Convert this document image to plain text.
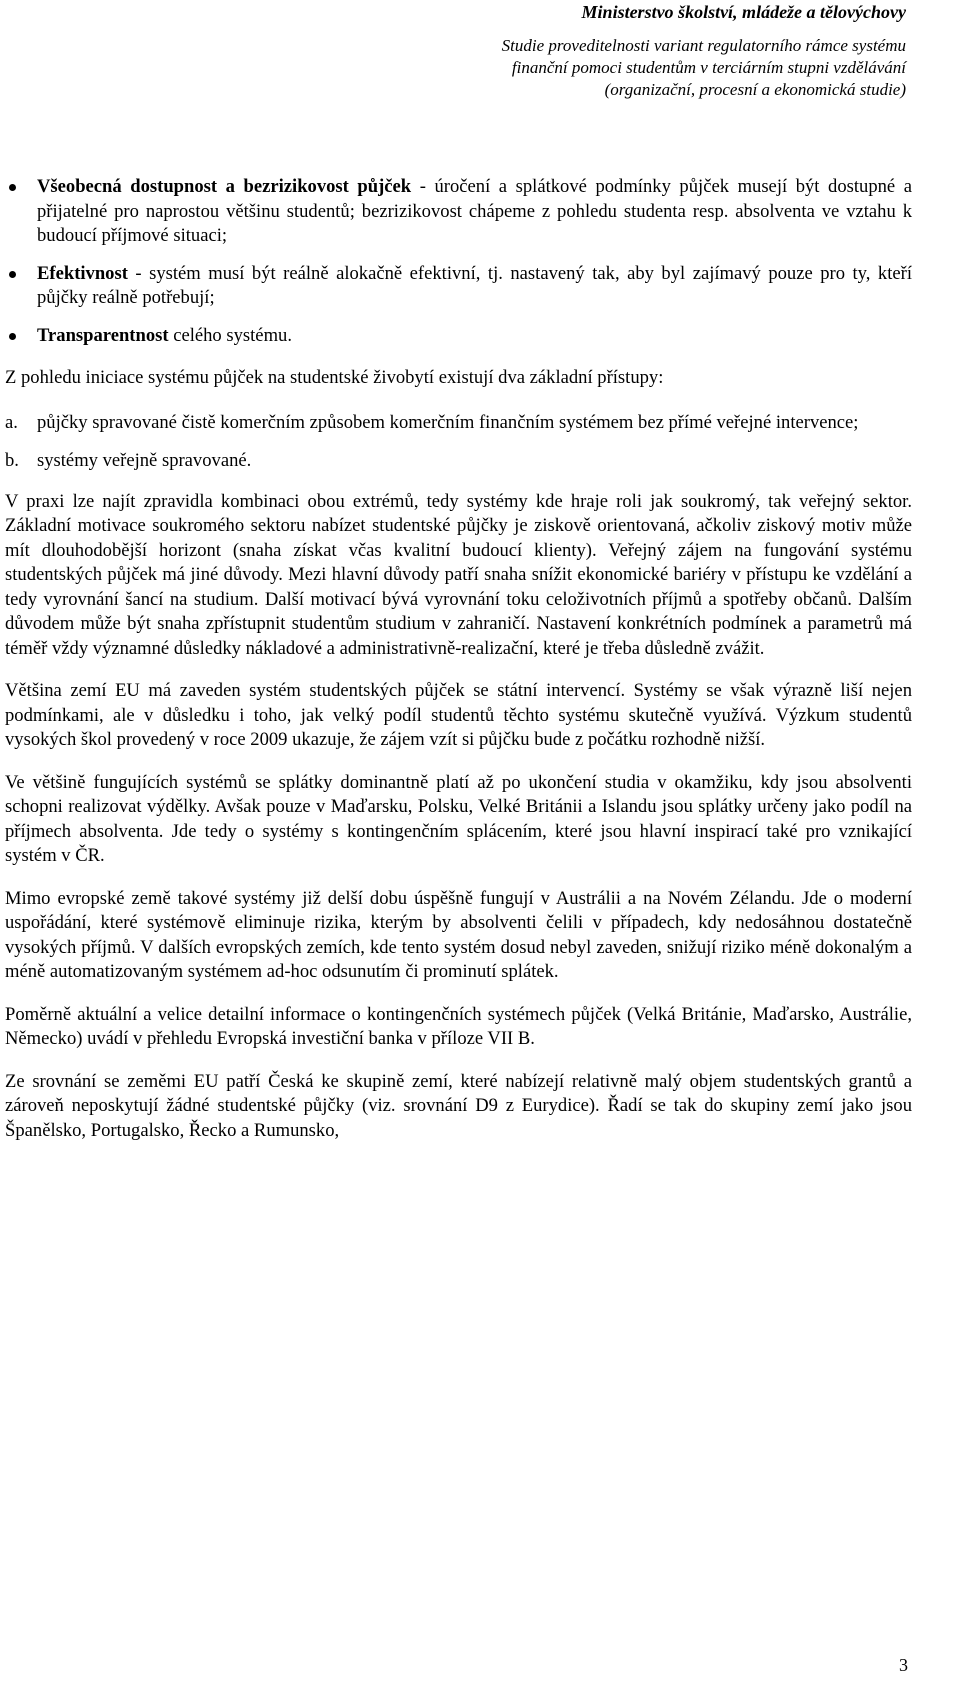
Ministerstvo školství, mládeže a tělovýchovy
Studie proveditelnosti variant regulatorního rámce systému
finanční pomoci studentům v terciárním stupni vzdělávání
(organizační, procesní a ekonomická studie)
Všeobecná dostupnost a bezrizikovost půjček - úročení a splátkové podmínky půjček musejí být dostupné a přijatelné pro naprostou většinu studentů; bezrizikovost chápeme z pohledu studenta resp. absolventa ve vztahu k budoucí příjmové situaci;
Efektivnost - systém musí být reálně alokačně efektivní, tj. nastavený tak, aby byl zajímavý pouze pro ty, kteří půjčky reálně potřebují;
Transparentnost celého systému.

Z pohledu iniciace systému půjček na studentské živobytí existují dva základní přístupy:

a. půjčky spravované čistě komerčním způsobem komerčním finančním systémem bez přímé veřejné intervence;
b. systémy veřejně spravované.

V praxi lze najít zpravidla kombinaci obou extrémů, tedy systémy kde hraje roli jak soukromý, tak veřejný sektor. Základní motivace soukromého sektoru nabízet studentské půjčky je ziskově orientovaná, ačkoliv ziskový motiv může mít dlouhodobější horizont (snaha získat včas kvalitní budoucí klienty). Veřejný zájem na fungování systému studentských půjček má jiné důvody. Mezi hlavní důvody patří snaha snížit ekonomické bariéry v přístupu ke vzdělání a tedy vyrovnání šancí na studium. Další motivací bývá vyrovnání toku celoživotních příjmů a spotřeby občanů. Dalším důvodem může být snaha zpřístupnit studentům studium v zahraničí. Nastavení konkrétních podmínek a parametrů má téměř vždy významné důsledky nákladové a administrativně-realizační, které je třeba důsledně zvážit.

Většina zemí EU má zaveden systém studentských půjček se státní intervencí. Systémy se však výrazně liší nejen podmínkami, ale v důsledku i toho, jak velký podíl studentů těchto systému skutečně využívá. Výzkum studentů vysokých škol provedený v roce 2009 ukazuje, že zájem vzít si půjčku bude z počátku rozhodně nižší.

Ve většině fungujících systémů se splátky dominantně platí až po ukončení studia v okamžiku, kdy jsou absolventi schopni realizovat výdělky. Avšak pouze v Maďarsku, Polsku, Velké Británii a Islandu jsou splátky určeny jako podíl na příjmech absolventa. Jde tedy o systémy s kontingenčním splácením, které jsou hlavní inspirací také pro vznikající systém v ČR.

Mimo evropské země takové systémy již delší dobu úspěšně fungují v Austrálii a na Novém Zélandu. Jde o moderní uspořádání, které systémově eliminuje rizika, kterým by absolventi čelili v případech, kdy nedosáhnou dostatečně vysokých příjmů. V dalších evropských zemích, kde tento systém dosud nebyl zaveden, snižují riziko méně dokonalým a méně automatizovaným systémem ad-hoc odsunutím či prominutí splátek.

Poměrně aktuální a velice detailní informace o kontingenčních systémech půjček (Velká Británie, Maďarsko, Austrálie, Německo) uvádí v přehledu Evropská investiční banka v příloze VII B.

Ze srovnání se zeměmi EU patří Česká ke skupině zemí, které nabízejí relativně malý objem studentských grantů a zároveň neposkytují žádné studentské půjčky (viz. srovnání D9 z Eurydice). Řadí se tak do skupiny zemí jako jsou Španělsko, Portugalsko, Řecko a Rumunsko,

3
